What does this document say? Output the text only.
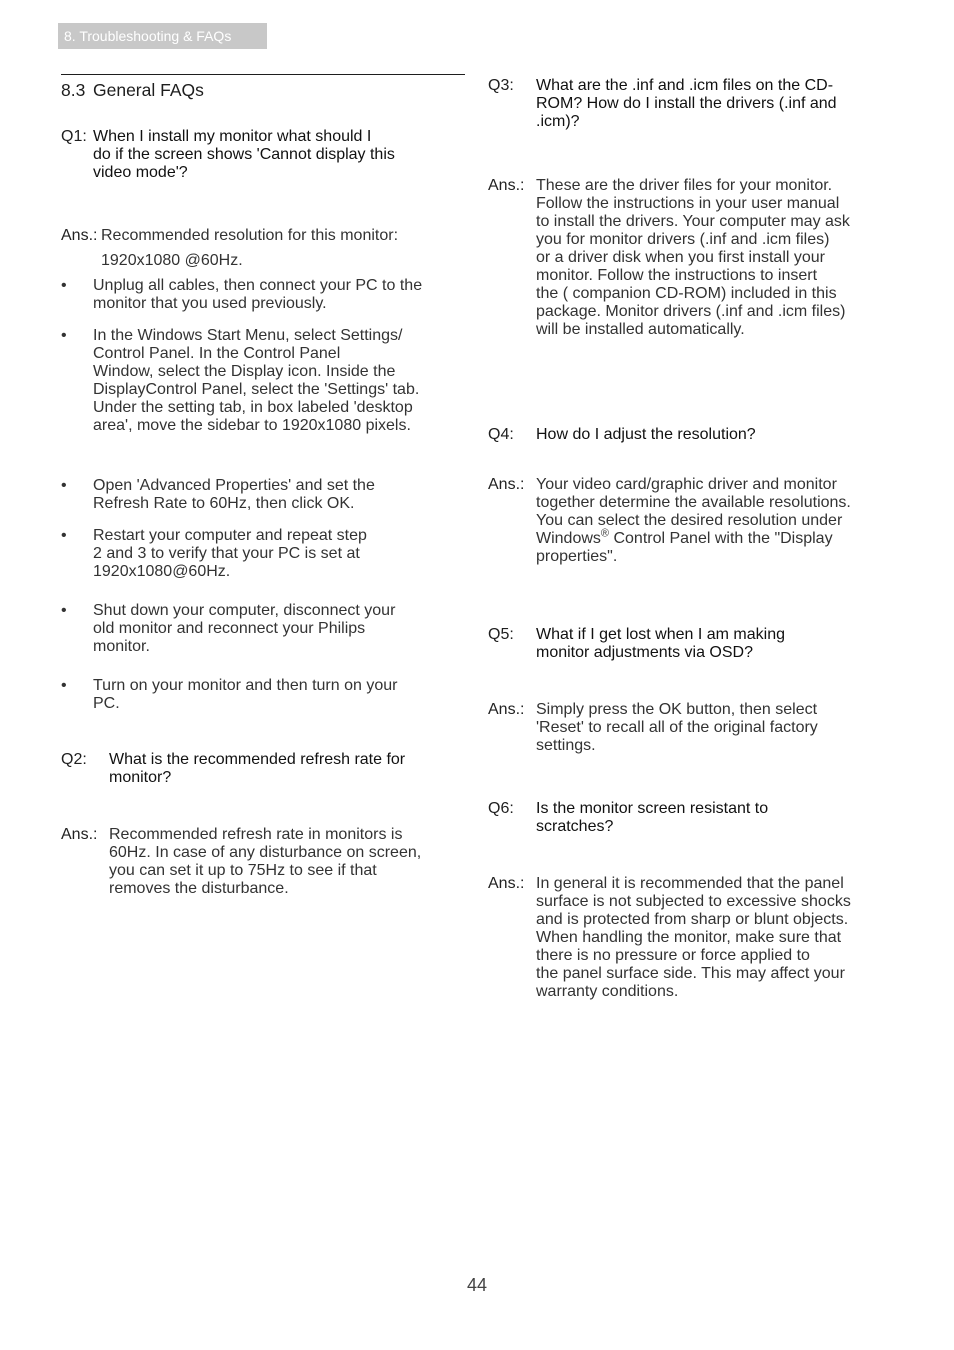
8. Troubleshooting & FAQs
8.3 General FAQs
Q1: When I install my monitor what should I
do if the screen shows 'Cannot display this
video mode'?
Ans.: Recommended resolution for this monitor:
1920x1080 @60Hz.
• Unplug all cables, then connect your PC to the
monitor that you used previously.
• In the Windows Start Menu, select Settings/
Control Panel. In the Control Panel
Window, select the Display icon. Inside the
DisplayControl Panel, select the 'Settings' tab.
Under the setting tab, in box labeled 'desktop
area', move the sidebar to 1920x1080 pixels.
• Open 'Advanced Properties' and set the
Refresh Rate to 60Hz, then click OK.
• Restart your computer and repeat step
2 and 3 to verify that your PC is set at
1920x1080@60Hz.
• Shut down your computer, disconnect your
old monitor and reconnect your Philips
monitor.
• Turn on your monitor and then turn on your
PC.
Q2: What is the recommended refresh rate for
monitor?
Ans.: Recommended refresh rate in monitors is
60Hz. In case of any disturbance on screen,
you can set it up to 75Hz to see if that
removes the disturbance.
Q3: What are the .inf and .icm files on the CD-
ROM? How do I install the drivers (.inf and
.icm)?
Ans.: These are the driver files for your monitor.
Follow the instructions in your user manual
to install the drivers. Your computer may ask
you for monitor drivers (.inf and .icm files)
or a driver disk when you first install your
monitor. Follow the instructions to insert
the ( companion CD-ROM) included in this
package. Monitor drivers (.inf and .icm files)
will be installed automatically.
Q4: How do I adjust the resolution?
Ans.: Your video card/graphic driver and monitor
together determine the available resolutions.
You can select the desired resolution under
Windows® Control Panel with the "Display
properties".
Q5: What if I get lost when I am making
monitor adjustments via OSD?
Ans.: Simply press the OK button, then select
'Reset' to recall all of the original factory
settings.
Q6: Is the monitor screen resistant to
scratches?
Ans.: In general it is recommended that the panel
surface is not subjected to excessive shocks
and is protected from sharp or blunt objects.
When handling the monitor, make sure that
there is no pressure or force applied to
the panel surface side. This may affect your
warranty conditions.
44
